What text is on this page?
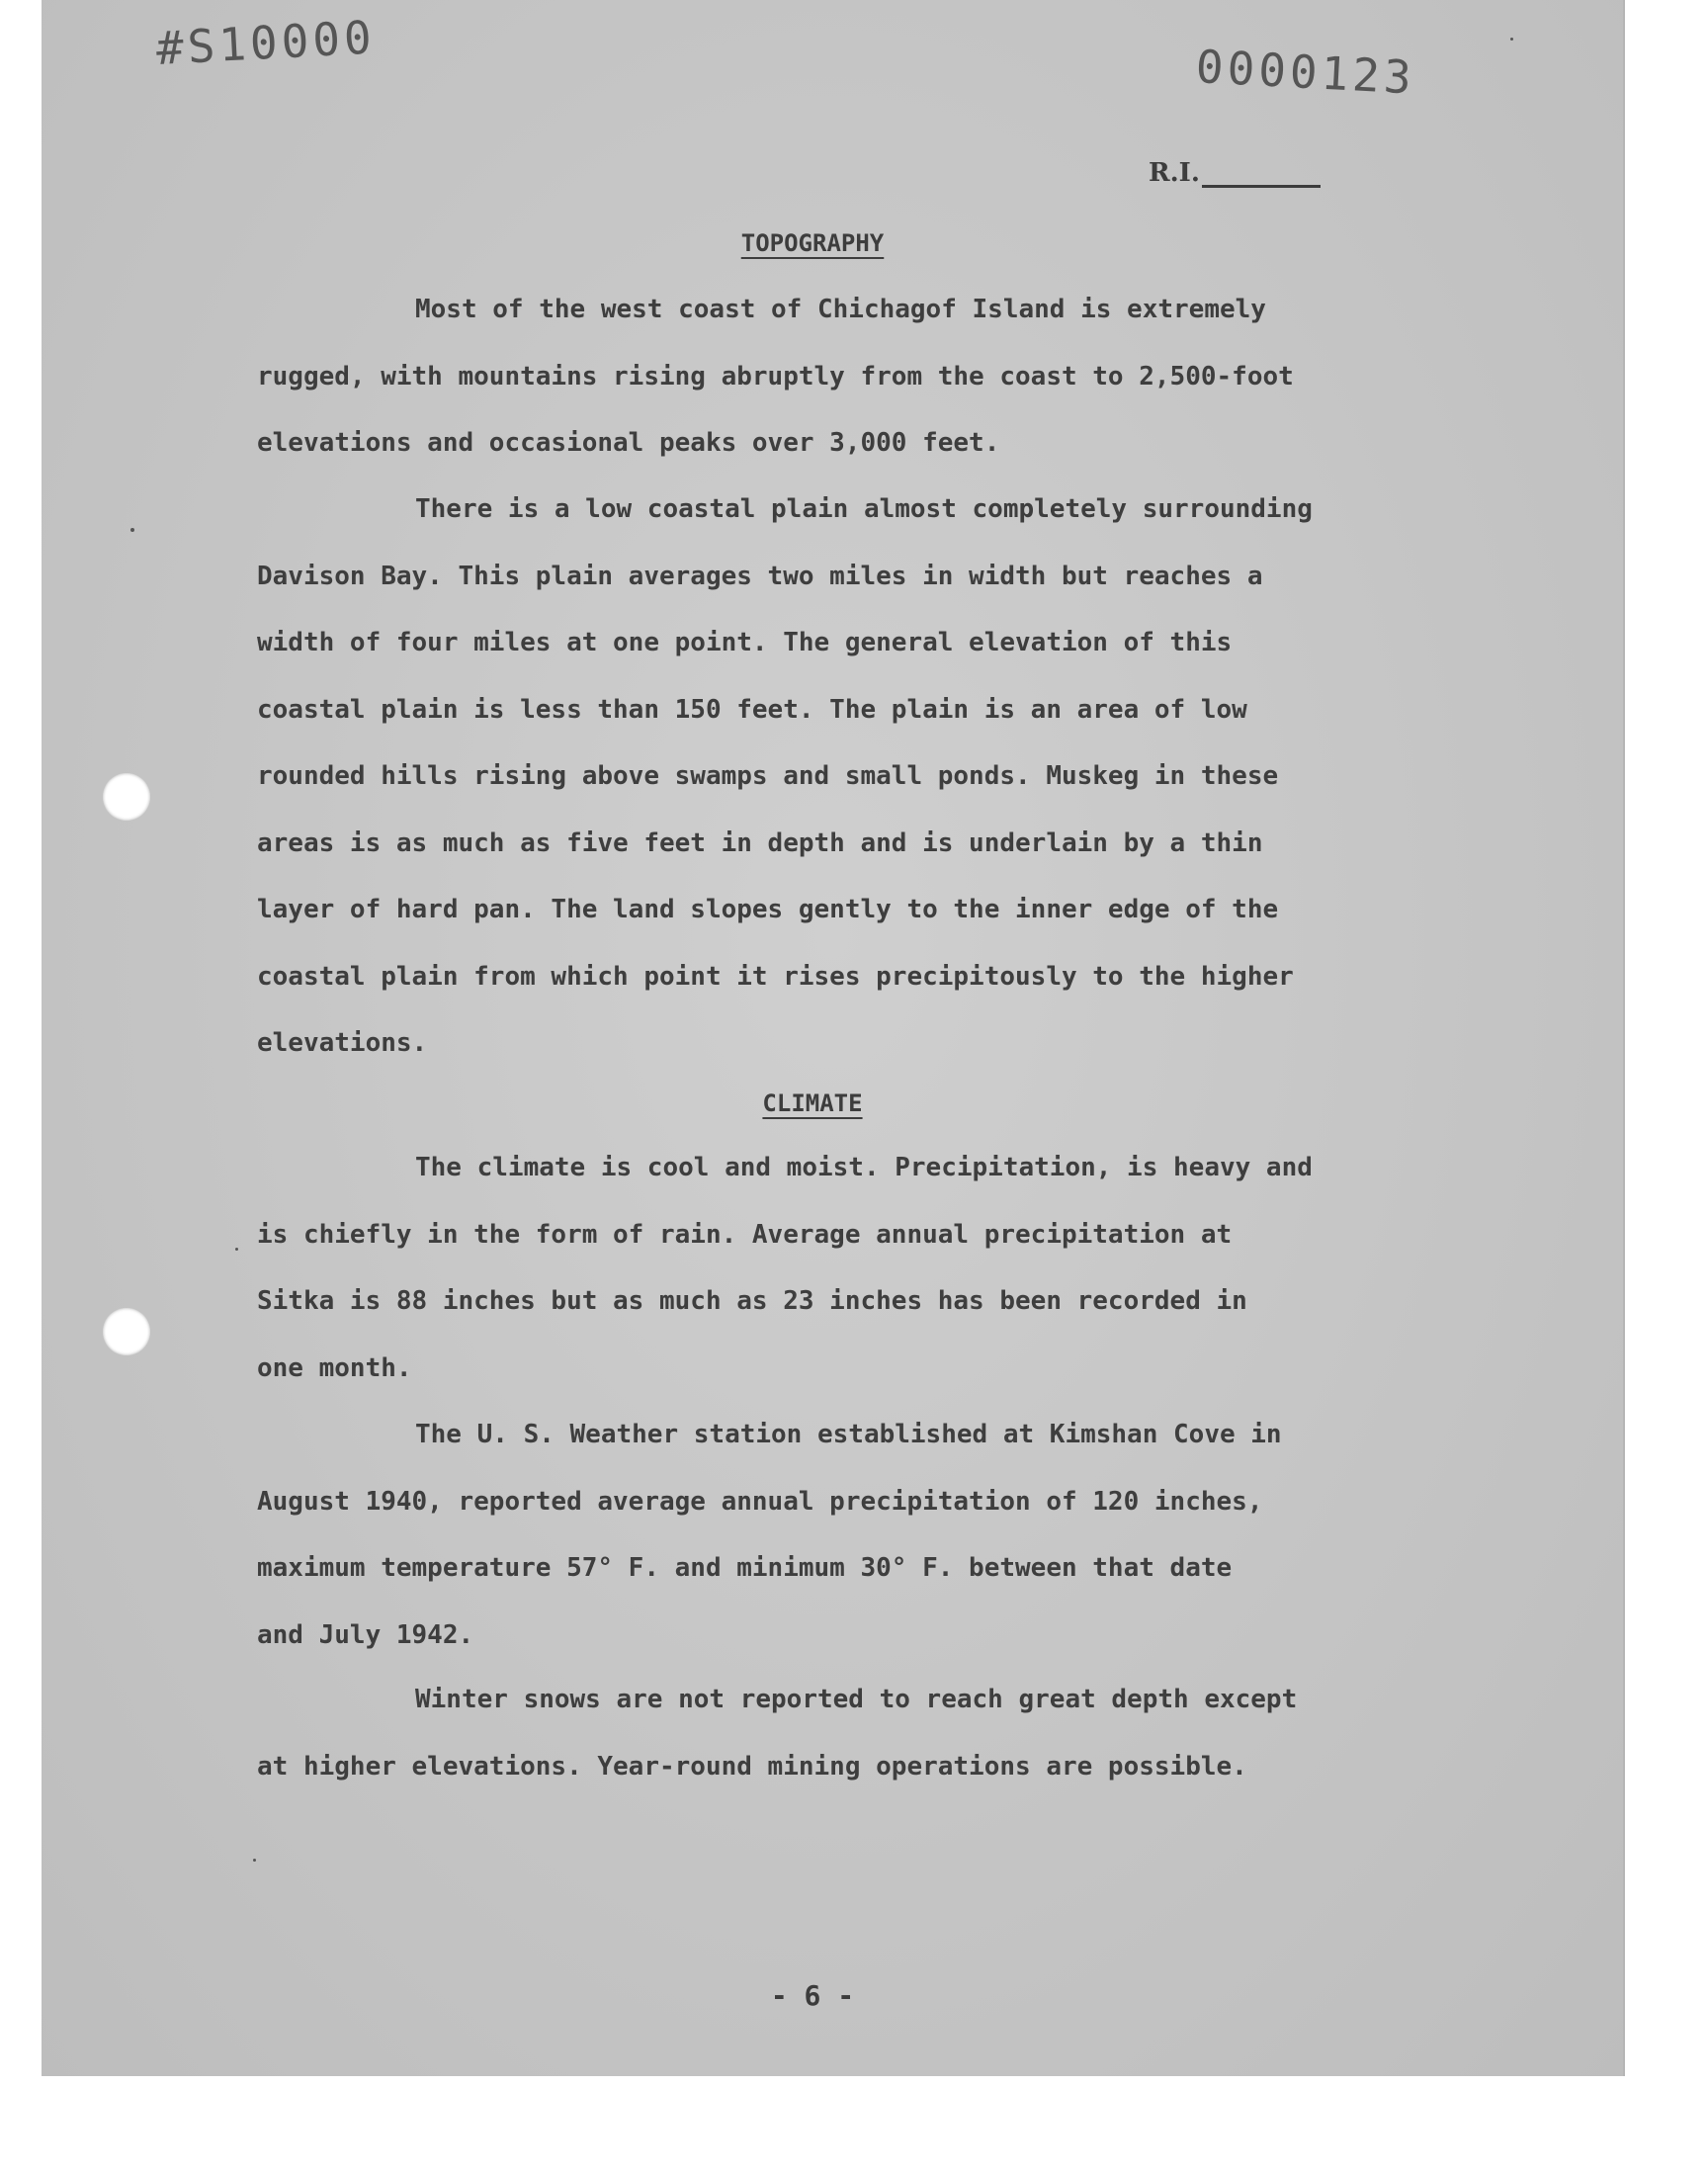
#S10000	0000123
R.I.
TOPOGRAPHY
Most of the west coast of Chichagof Island is extremely
rugged, with mountains rising abruptly from the coast to 2,500-foot
elevations and occasional peaks over 3,000 feet.
There is a low coastal plain almost completely surrounding
Davison Bay. This plain averages two miles in width but reaches a
width of four miles at one point. The general elevation of this
coastal plain is less than 150 feet. The plain is an area of low
rounded hills rising above swamps and small ponds. Muskeg in these
areas is as much as five feet in depth and is underlain by a thin
layer of hard pan. The land slopes gently to the inner edge of the
coastal plain from which point it rises precipitously to the higher
elevations.
CLIMATE
The climate is cool and moist. Precipitation, is heavy and
is chiefly in the form of rain. Average annual precipitation at
Sitka is 88 inches but as much as 23 inches has been recorded in
one month.
The U. S. Weather station established at Kimshan Cove in
August 1940, reported average annual precipitation of 120 inches,
maximum temperature 57° F. and minimum 30° F. between that date
and July 1942.
Winter snows are not reported to reach great depth except
at higher elevations. Year-round mining operations are possible.
- 6 -
